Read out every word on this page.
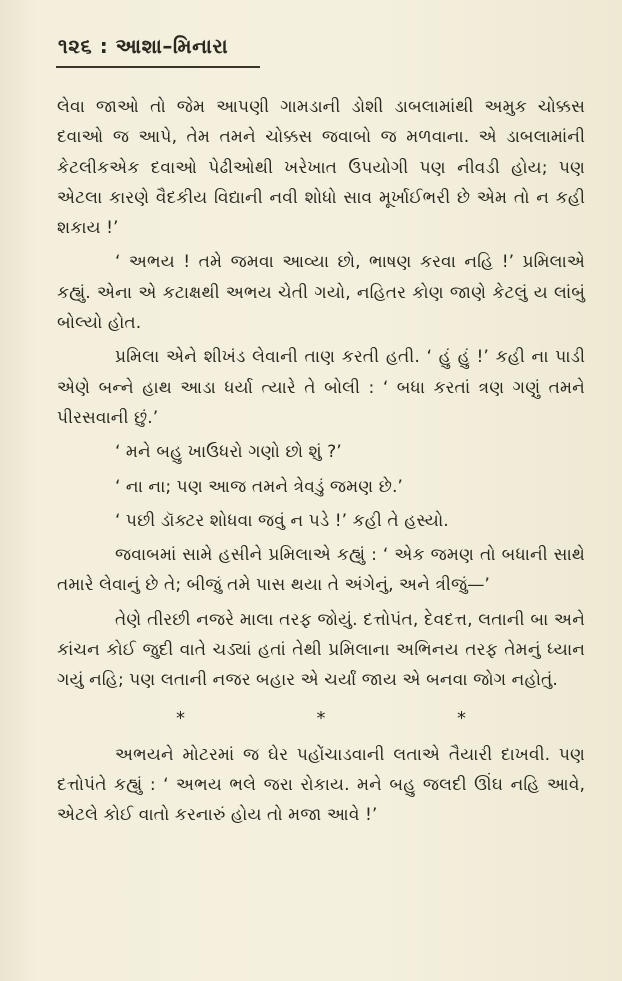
૧૨૬ : આશા–મિનારા

લેવા જાઓ તો જેમ આપણી ગામડાની ડોશી ડાબલામાંથી અમુક ચોક્કસ દવાઓ જ આપે, તેમ તમને ચોક્કસ જવાબો જ મળવાના. એ ડાબલામાંની કેટલીકએક દવાઓ પેઢીઓથી ખરેખાત ઉપયોગી પણ નીવડી હોય; પણ એટલા કારણે વૈદકીય વિદ્યાની નવી શોધો સાવ મૂર્ખાઈભરી છે એમ તો ન કહી શકાય !’

‘ અભય ! તમે જમવા આવ્યા છો, ભાષણ કરવા નહિ !’ પ્રમિલાએ કહ્યું. એના એ કટાક્ષથી અભય ચેતી ગયો, નહિતર કોણ જાણે કેટલું ય લાંબું બોલ્યો હોત.

પ્રમિલા એને શીખંડ લેવાની તાણ કરતી હતી. ‘ હું હું !’ કહી ના પાડી એણે બન્ને હાથ આડા ધર્યા ત્યારે તે બોલી : ‘ બધા કરતાં ત્રણ ગણું તમને પીરસવાની છું.’

‘ મને બહુ ખાઉધરો ગણો છો શું ?’

‘ ના ના; પણ આજ તમને ત્રેવડું જમણ છે.’

‘ પછી ડૉક્ટર શોધવા જવું ન પડે !’ કહી તે હસ્યો.

જવાબમાં સામે હસીને પ્રમિલાએ કહ્યું : ‘ એક જમણ તો બધાની સાથે તમારે લેવાનું છે તે; બીજું તમે પાસ થયા તે અંગેનું, અને ત્રીજું—’

તેણે તીરછી નજરે માલા તરફ જોયું. દત્તોપંત, દેવદત્ત, લતાની બા અને કાંચન કોઈ જુદી વાતે ચડ્યાં હતાં તેથી પ્રમિલાના અભિનય તરફ તેમનું ધ્યાન ગયું નહિ; પણ લતાની નજર બહાર એ ચર્યાં જાય એ બનવા જોગ નહોતું.

*	*	*

અભયને મોટરમાં જ ઘેર પહોંચાડવાની લતાએ તૈયારી દાખવી. પણ દત્તોપંતે કહ્યું : ‘ અભય ભલે જરા રોકાય. મને બહુ જલદી ઊંઘ નહિ આવે, એટલે કોઈ વાતો કરનારું હોય તો મજા આવે !’
